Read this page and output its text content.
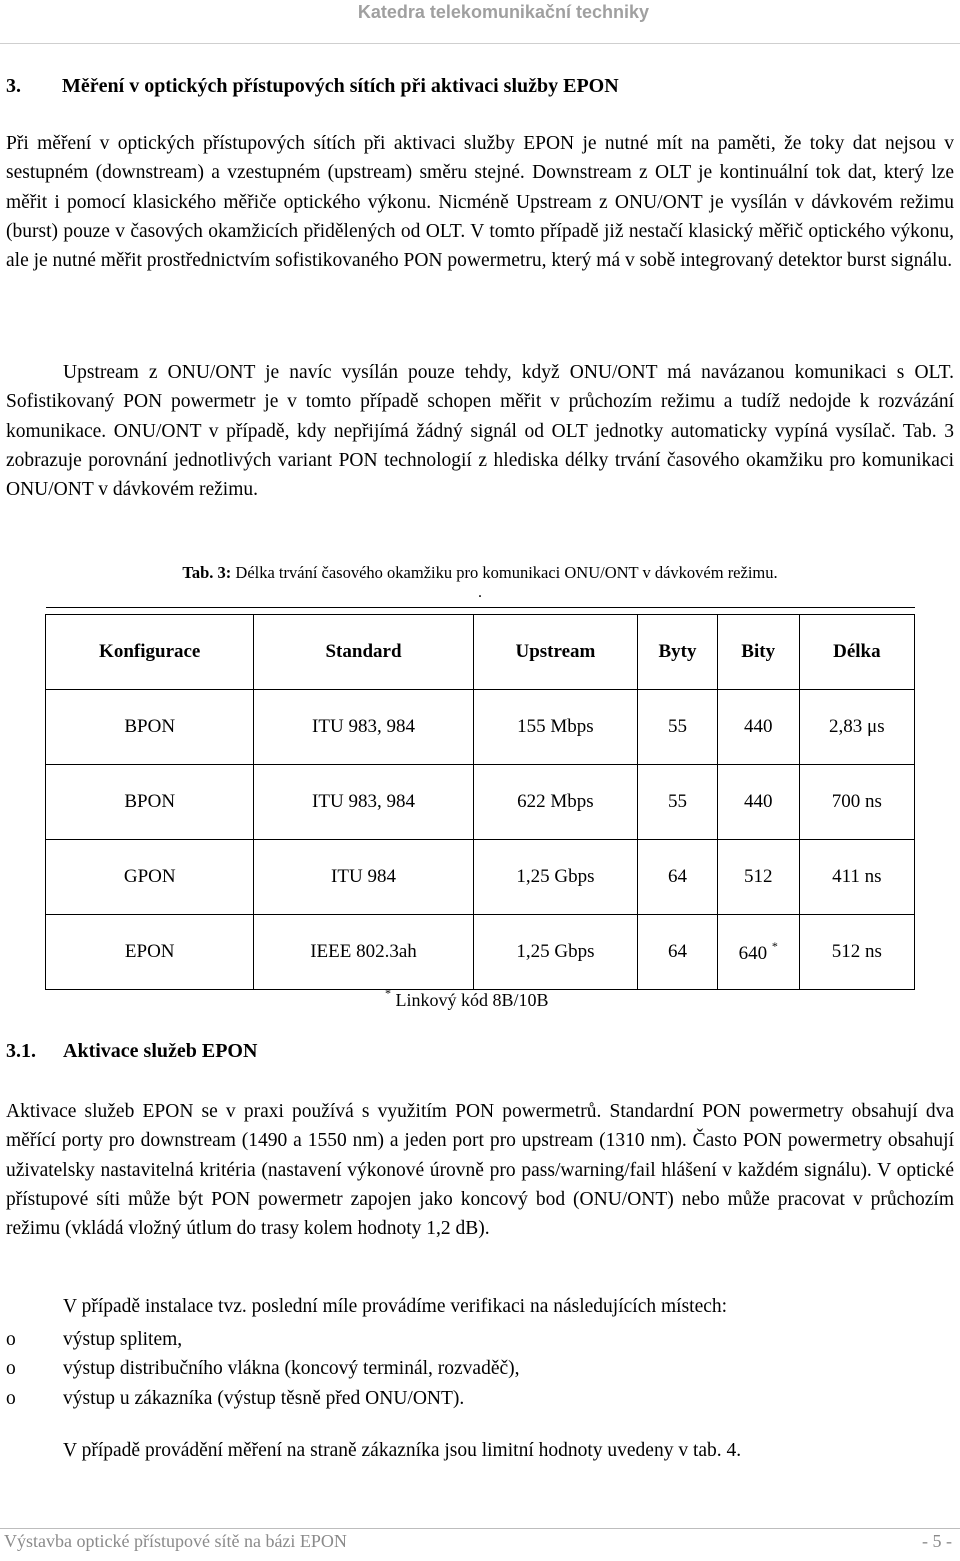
Katedra telekomunikační techniky
3. Měření v optických přístupových sítích při aktivaci služby EPON

Při měření v optických přístupových sítích při aktivaci služby EPON je nutné mít na paměti, že toky dat nejsou v sestupném (downstream) a vzestupném (upstream) směru stejné. Downstream z OLT je kontinuální tok dat, který lze měřit i pomocí klasického měřiče optického výkonu. Nicméně Upstream z ONU/ONT je vysílán v dávkovém režimu (burst) pouze v časových okamžicích přidělených od OLT. V tomto případě již nestačí klasický měřič optického výkonu, ale je nutné měřit prostřednictvím sofistikovaného PON powermetru, který má v sobě integrovaný detektor burst signálu.

Upstream z ONU/ONT je navíc vysílán pouze tehdy, když ONU/ONT má navázanou komunikaci s OLT. Sofistikovaný PON powermetr je v tomto případě schopen měřit v průchozím režimu a tudíž nedojde k rozvázání komunikace. ONU/ONT v případě, kdy nepřijímá žádný signál od OLT jednotky automaticky vypíná vysílač. Tab. 3 zobrazuje porovnání jednotlivých variant PON technologií z hlediska délky trvání časového okamžiku pro komunikaci ONU/ONT v dávkovém režimu.

Tab. 3: Délka trvání časového okamžiku pro komunikaci ONU/ONT v dávkovém režimu.
.

Konfigurace	Standard	Upstream	Byty	Bity	Délka
BPON	ITU 983, 984	155 Mbps	55	440	2,83 μs
BPON	ITU 983, 984	622 Mbps	55	440	700 ns
GPON	ITU 984	1,25 Gbps	64	512	411 ns
EPON	IEEE 802.3ah	1,25 Gbps	64	640 *	512 ns
* Linkový kód 8B/10B
3.1. Aktivace služeb EPON

Aktivace služeb EPON se v praxi používá s využitím PON powermetrů. Standardní PON powermetry obsahují dva měřící porty pro downstream (1490 a 1550 nm) a jeden port pro upstream (1310 nm). Často PON powermetry obsahují uživatelsky nastavitelná kritéria (nastavení výkonové úrovně pro pass/warning/fail hlášení v každém signálu). V optické přístupové síti může být PON powermetr zapojen jako koncový bod (ONU/ONT) nebo může pracovat v průchozím režimu (vkládá vložný útlum do trasy kolem hodnoty 1,2 dB).

V případě instalace tvz. poslední míle provádíme verifikaci na následujících místech:
o výstup splitem,
o výstup distribučního vlákna (koncový terminál, rozvaděč),
o výstup u zákazníka (výstup těsně před ONU/ONT).
V případě provádění měření na straně zákazníka jsou limitní hodnoty uvedeny v tab. 4.
Výstavba optické přístupové sítě na bázi EPON	- 5 -
